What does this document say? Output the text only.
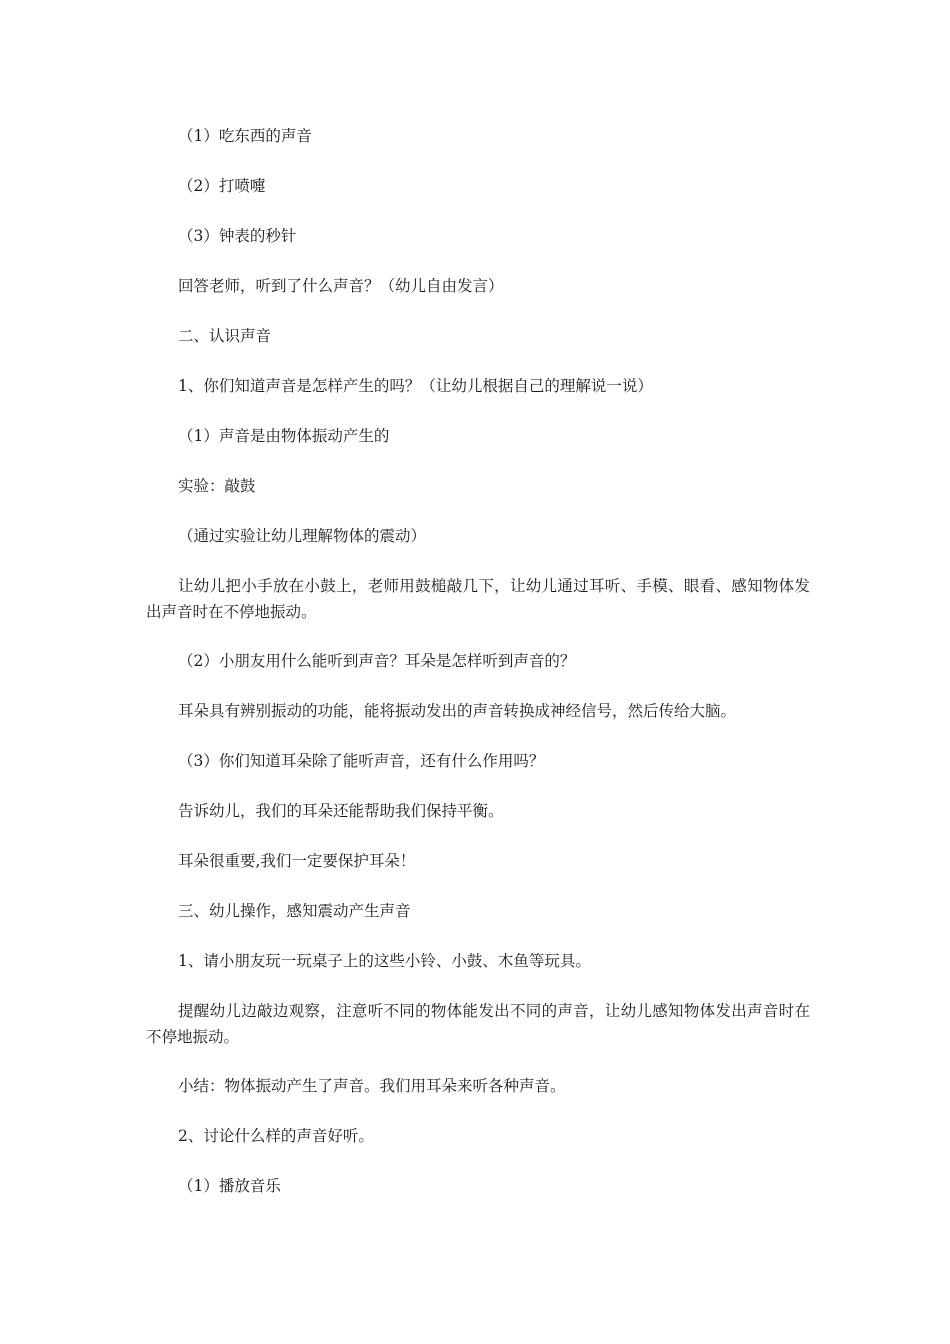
（1）吃东西的声音

（2）打喷嚏

（3）钟表的秒针

回答老师，听到了什么声音？（幼儿自由发言）

二、认识声音

1、你们知道声音是怎样产生的吗？（让幼儿根据自己的理解说一说）

（1）声音是由物体振动产生的

实验：敲鼓

（通过实验让幼儿理解物体的震动）

让幼儿把小手放在小鼓上，老师用鼓槌敲几下，让幼儿通过耳听、手模、眼看、感知物体发出声音时在不停地振动。

（2）小朋友用什么能听到声音？耳朵是怎样听到声音的？

耳朵具有辨别振动的功能，能将振动发出的声音转换成神经信号，然后传给大脑。

（3）你们知道耳朵除了能听声音，还有什么作用吗？

告诉幼儿，我们的耳朵还能帮助我们保持平衡。

耳朵很重要,我们一定要保护耳朵！

三、幼儿操作，感知震动产生声音

1、请小朋友玩一玩桌子上的这些小铃、小鼓、木鱼等玩具。

提醒幼儿边敲边观察，注意听不同的物体能发出不同的声音，让幼儿感知物体发出声音时在不停地振动。

小结：物体振动产生了声音。我们用耳朵来听各种声音。

2、讨论什么样的声音好听。

（1）播放音乐
